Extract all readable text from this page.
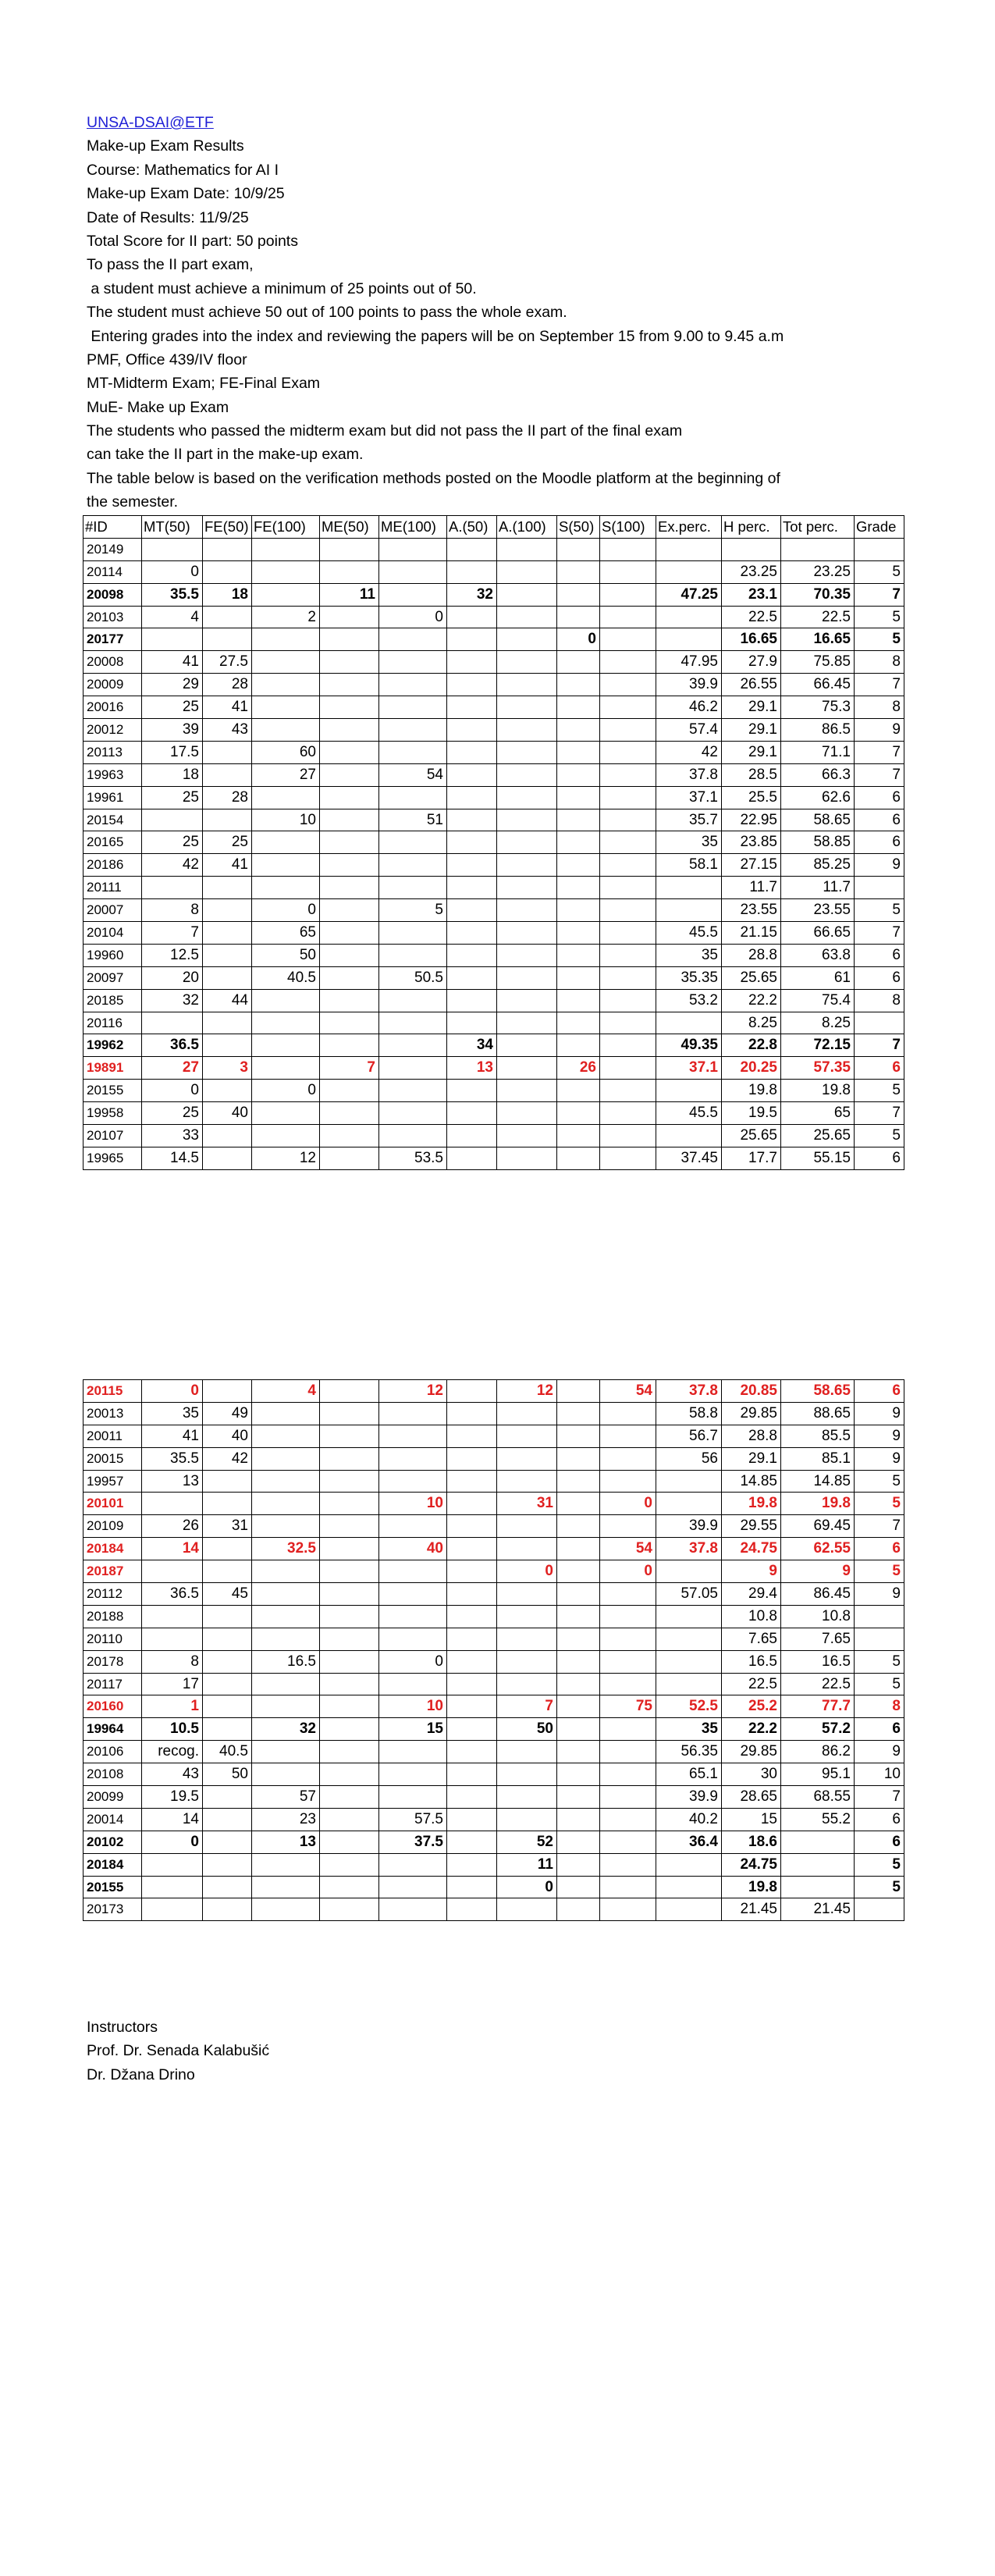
UNSA-DSAI@ETF
Make-up Exam Results
Course: Mathematics for AI I
Make-up Exam Date: 10/9/25
Date of Results: 11/9/25
Total Score for II part: 50 points
To pass the II part exam,
a student must achieve a minimum of 25 points out of 50.
The student must achieve 50 out of 100 points to pass the whole exam.
Entering grades into the index and reviewing the papers will be on September 15 from 9.00 to 9.45 a.m
PMF, Office 439/IV floor
MT-Midterm Exam; FE-Final Exam
MuE- Make up Exam
The students who passed the midterm exam but did not pass the II part of the final exam
can take the II part in the make-up exam.
The table below is based on the verification methods posted on the Moodle platform at the beginning of
the semester.
#ID	MT(50)	FE(50)	FE(100)	ME(50)	ME(100)	A.(50)	A.(100)	S(50)	S(100)	Ex.perc.	H perc.	Tot perc.	Grade
20149													
20114	0										23.25	23.25	5
20098	35.5	18		11		32				47.25	23.1	70.35	7
20103	4		2		0						22.5	22.5	5
20177								0			16.65	16.65	5
20008	41	27.5								47.95	27.9	75.85	8
20009	29	28								39.9	26.55	66.45	7
20016	25	41								46.2	29.1	75.3	8
20012	39	43								57.4	29.1	86.5	9
20113	17.5		60							42	29.1	71.1	7
19963	18		27		54					37.8	28.5	66.3	7
19961	25	28								37.1	25.5	62.6	6
20154			10		51					35.7	22.95	58.65	6
20165	25	25								35	23.85	58.85	6
20186	42	41								58.1	27.15	85.25	9
20111											11.7	11.7	
20007	8		0		5						23.55	23.55	5
20104	7		65							45.5	21.15	66.65	7
19960	12.5		50							35	28.8	63.8	6
20097	20		40.5		50.5					35.35	25.65	61	6
20185	32	44								53.2	22.2	75.4	8
20116											8.25	8.25	
19962	36.5					34				49.35	22.8	72.15	7
19891	27	3		7		13		26		37.1	20.25	57.35	6
20155	0		0								19.8	19.8	5
19958	25	40								45.5	19.5	65	7
20107	33										25.65	25.65	5
19965	14.5		12		53.5					37.45	17.7	55.15	6
20115	0		4		12		12		54	37.8	20.85	58.65	6
20013	35	49								58.8	29.85	88.65	9
20011	41	40								56.7	28.8	85.5	9
20015	35.5	42								56	29.1	85.1	9
19957	13										14.85	14.85	5
20101					10		31		0		19.8	19.8	5
20109	26	31								39.9	29.55	69.45	7
20184	14		32.5		40				54	37.8	24.75	62.55	6
20187							0		0		9	9	5
20112	36.5	45								57.05	29.4	86.45	9
20188											10.8	10.8	
20110											7.65	7.65	
20178	8		16.5		0						16.5	16.5	5
20117	17										22.5	22.5	5
20160	1				10		7		75	52.5	25.2	77.7	8
19964	10.5		32		15		50			35	22.2	57.2	6
20106	recog.	40.5								56.35	29.85	86.2	9
20108	43	50								65.1	30	95.1	10
20099	19.5		57							39.9	28.65	68.55	7
20014	14		23		57.5					40.2	15	55.2	6
20102	0		13		37.5		52			36.4	18.6		6
20184							11				24.75		5
20155							0				19.8		5
20173											21.45	21.45	
Instructors
Prof. Dr. Senada Kalabušić
Dr. Džana Drino
